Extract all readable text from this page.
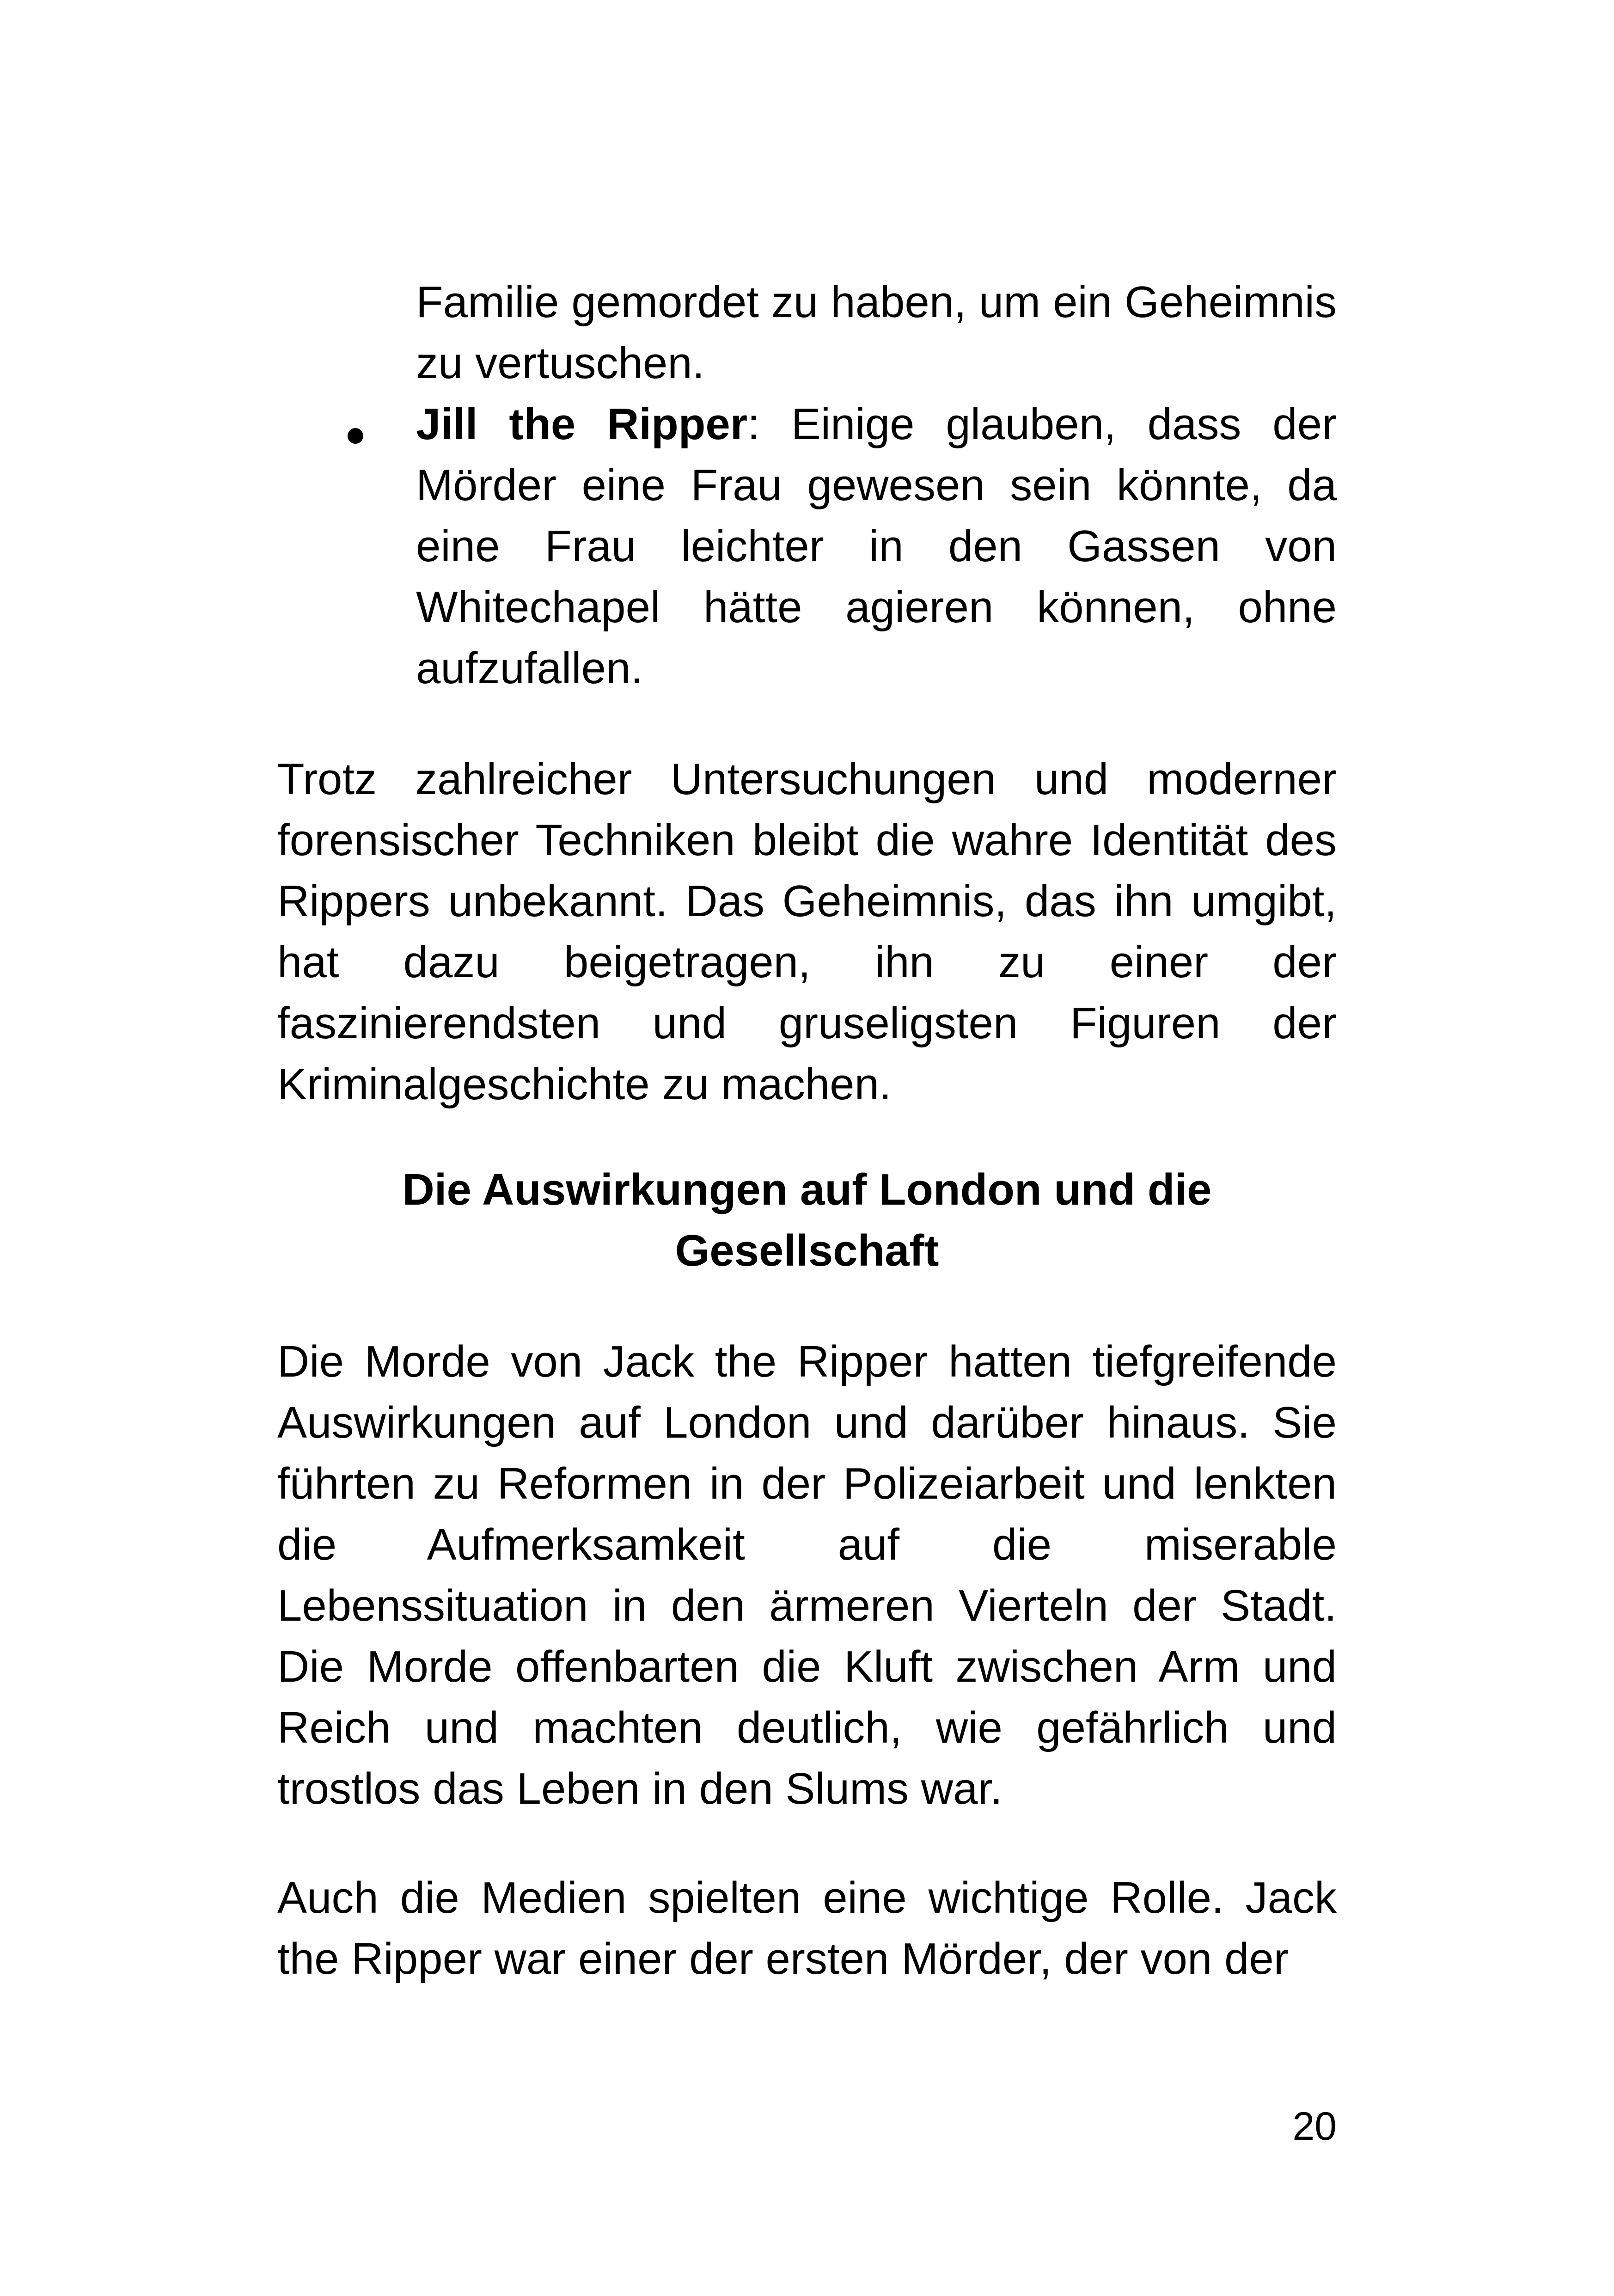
Familie gemordet zu haben, um ein Geheimnis zu vertuschen.

Jill the Ripper: Einige glauben, dass der Mörder eine Frau gewesen sein könnte, da eine Frau leichter in den Gassen von Whitechapel hätte agieren können, ohne aufzufallen.

Trotz zahlreicher Untersuchungen und moderner forensischer Techniken bleibt die wahre Identität des Rippers unbekannt. Das Geheimnis, das ihn umgibt, hat dazu beigetragen, ihn zu einer der faszinierendsten und gruseligsten Figuren der Kriminalgeschichte zu machen.

Die Auswirkungen auf London und die Gesellschaft

Die Morde von Jack the Ripper hatten tiefgreifende Auswirkungen auf London und darüber hinaus. Sie führten zu Reformen in der Polizeiarbeit und lenkten die Aufmerksamkeit auf die miserable Lebenssituation in den ärmeren Vierteln der Stadt. Die Morde offenbarten die Kluft zwischen Arm und Reich und machten deutlich, wie gefährlich und trostlos das Leben in den Slums war.

Auch die Medien spielten eine wichtige Rolle. Jack the Ripper war einer der ersten Mörder, der von der

20
